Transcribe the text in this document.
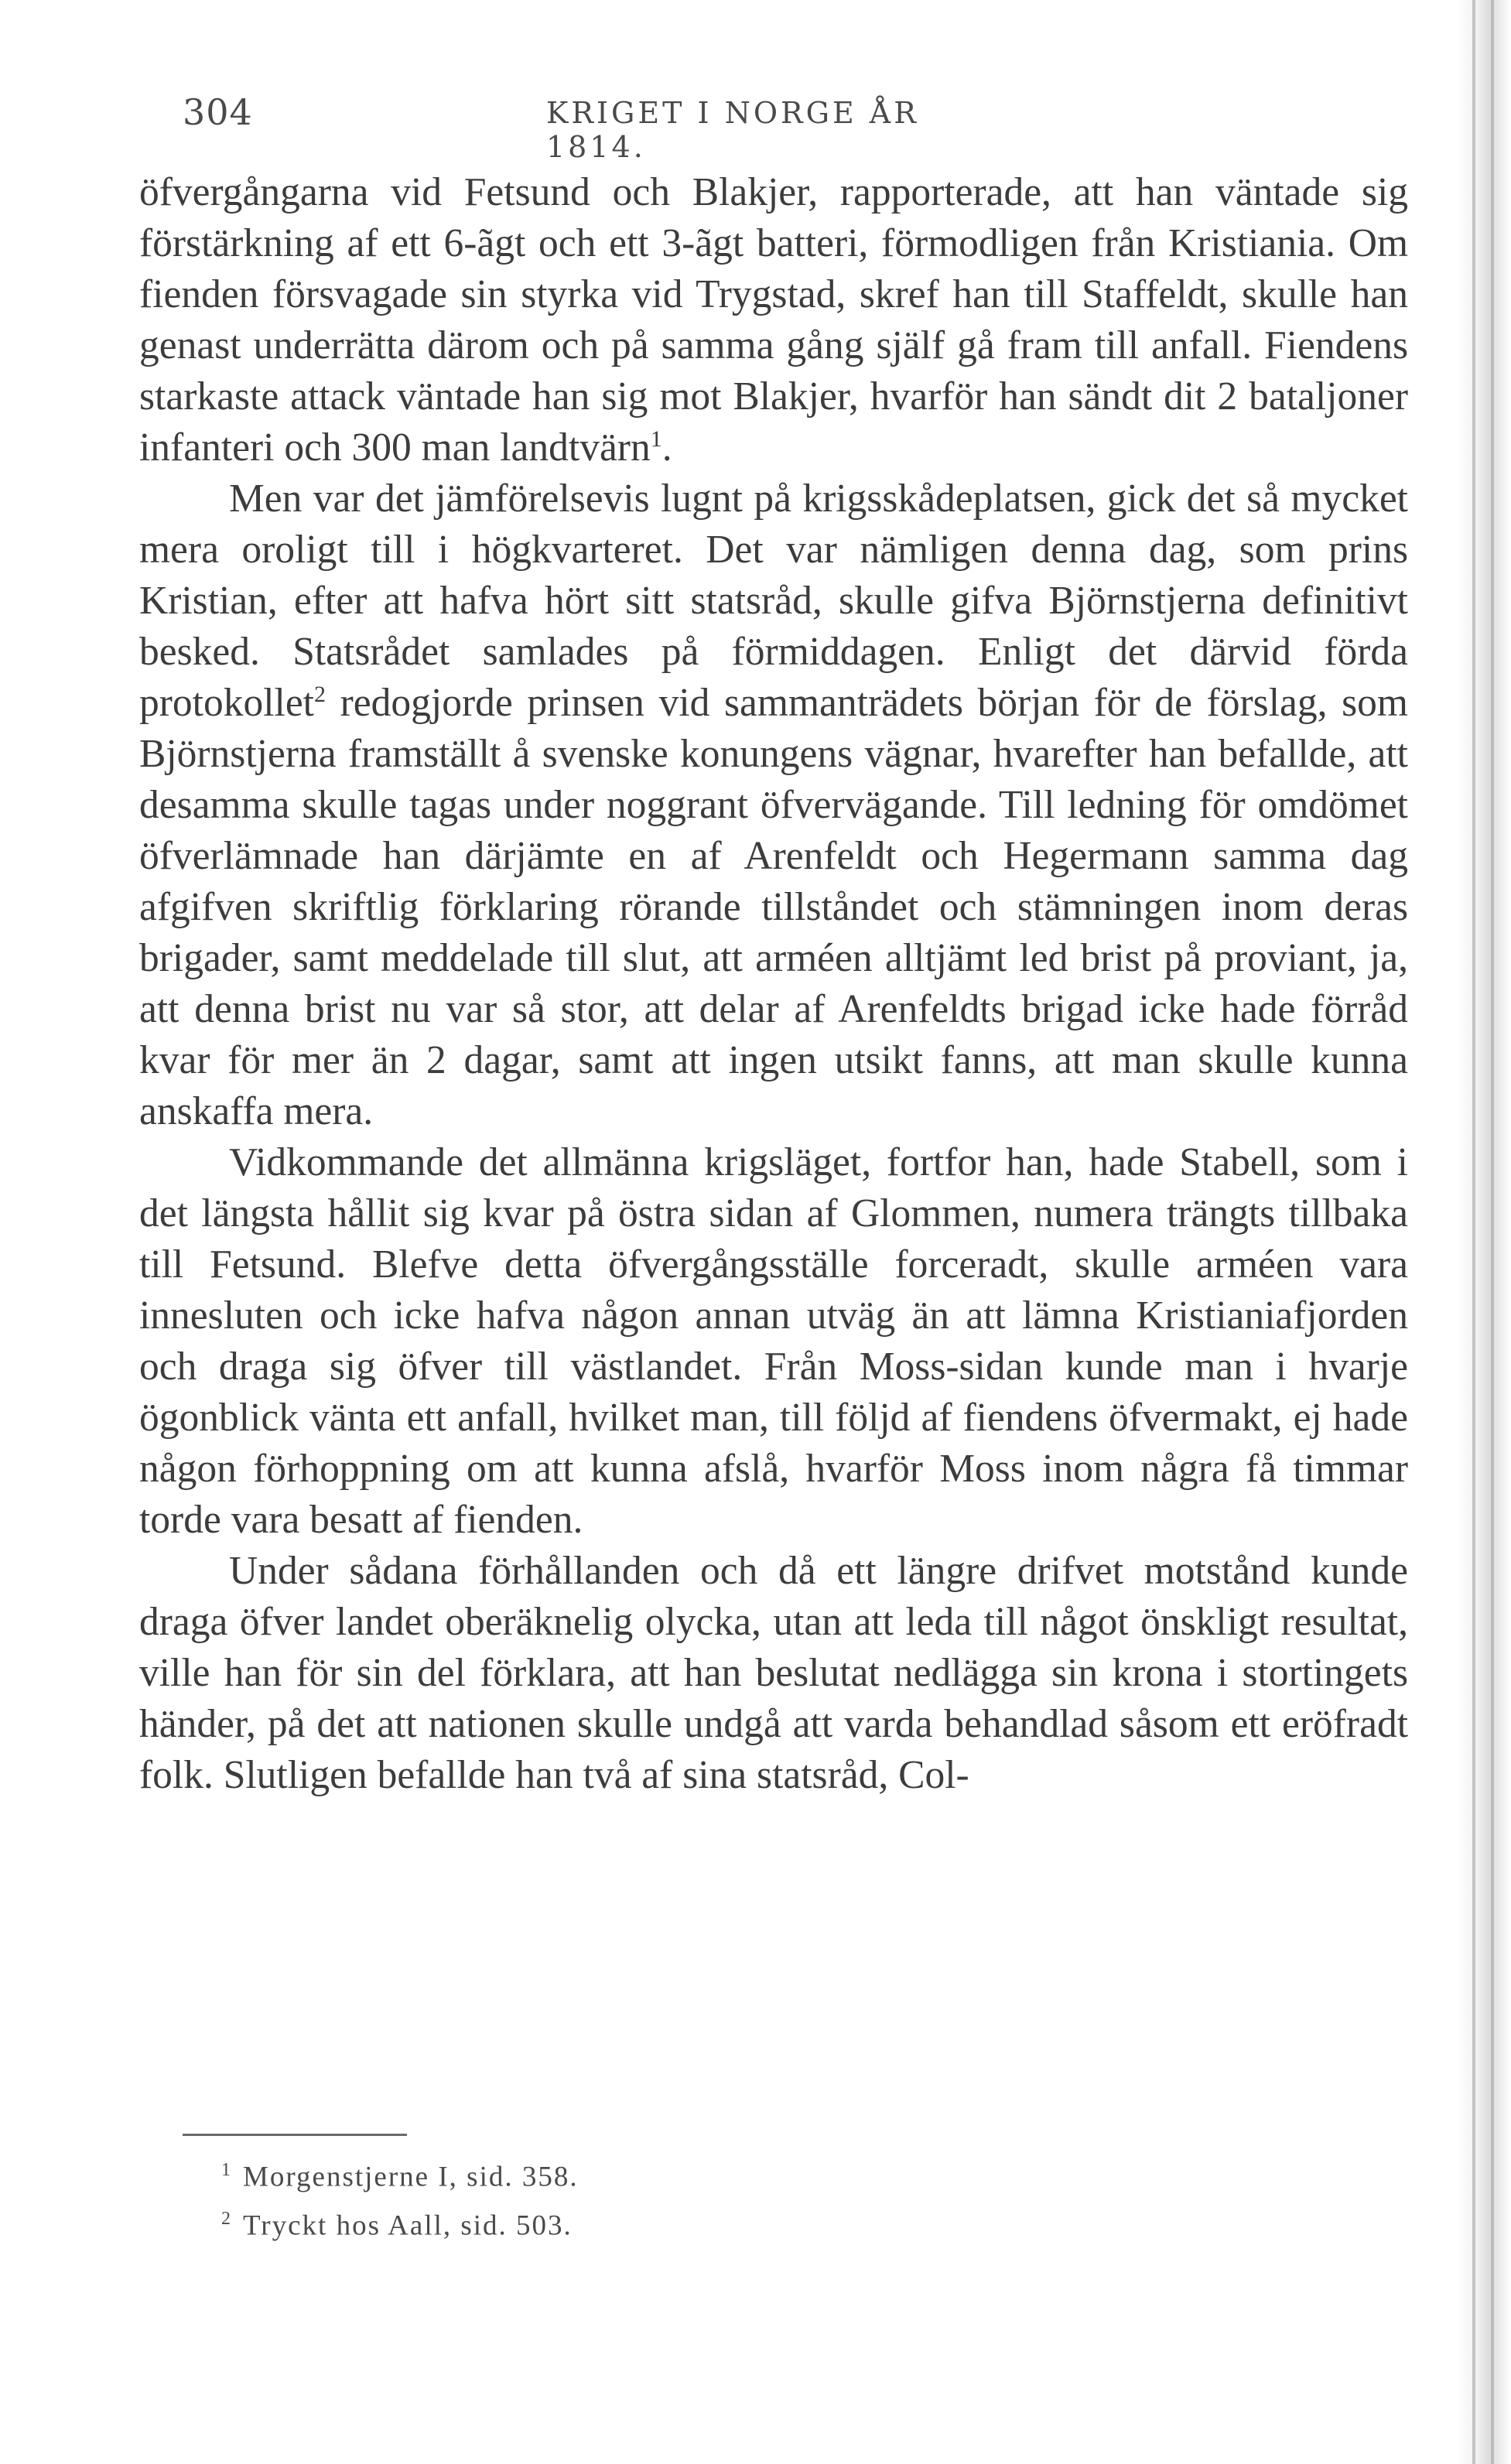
304	KRIGET I NORGE ÅR 1814.

öfvergångarna vid Fetsund och Blakjer, rapporterade, att han väntade sig förstärkning af ett 6-ãgt och ett 3-ãgt batteri, förmodligen från Kristiania. Om fienden försvagade sin styrka vid Trygstad, skref han till Staffeldt, skulle han genast underrätta därom och på samma gång själf gå fram till anfall. Fiendens starkaste attack väntade han sig mot Blakjer, hvarför han sändt dit 2 bataljoner infanteri och 300 man landtvärn$^1$.

Men var det jämförelsevis lugnt på krigsskådeplatsen, gick det så mycket mera oroligt till i högkvarteret. Det var nämligen denna dag, som prins Kristian, efter att hafva hört sitt statsråd, skulle gifva Björnstjerna definitivt besked. Statsrådet samlades på förmiddagen. Enligt det därvid förda protokollet$^2$ redogjorde prinsen vid sammanträdets början för de förslag, som Björnstjerna framställt å svenske konungens vägnar, hvarefter han befallde, att desamma skulle tagas under noggrant öfvervägande. Till ledning för omdömet öfverlämnade han därjämte en af Arenfeldt och Hegermann samma dag afgifven skriftlig förklaring rörande tillståndet och stämningen inom deras brigader, samt meddelade till slut, att arméen alltjämt led brist på proviant, ja, att denna brist nu var så stor, att delar af Arenfeldts brigad icke hade förråd kvar för mer än 2 dagar, samt att ingen utsikt fanns, att man skulle kunna anskaffa mera.

Vidkommande det allmänna krigsläget, fortfor han, hade Stabell, som i det längsta hållit sig kvar på östra sidan af Glommen, numera trängts tillbaka till Fetsund. Blefve detta öfvergångsställe forceradt, skulle arméen vara innesluten och icke hafva någon annan utväg än att lämna Kristianiafjorden och draga sig öfver till västlandet. Från Moss-sidan kunde man i hvarje ögonblick vänta ett anfall, hvilket man, till följd af fiendens öfvermakt, ej hade någon förhoppning om att kunna afslå, hvarför Moss inom några få timmar torde vara besatt af fienden.

Under sådana förhållanden och då ett längre drifvet motstånd kunde draga öfver landet oberäknelig olycka, utan att leda till något önskligt resultat, ville han för sin del förklara, att han beslutat nedlägga sin krona i stortingets händer, på det att nationen skulle undgå att varda behandlad såsom ett eröfradt folk. Slutligen befallde han två af sina statsråd, Col-

$^1$ Morgenstjerne I, sid. 358.
$^2$ Tryckt hos Aall, sid. 503.
